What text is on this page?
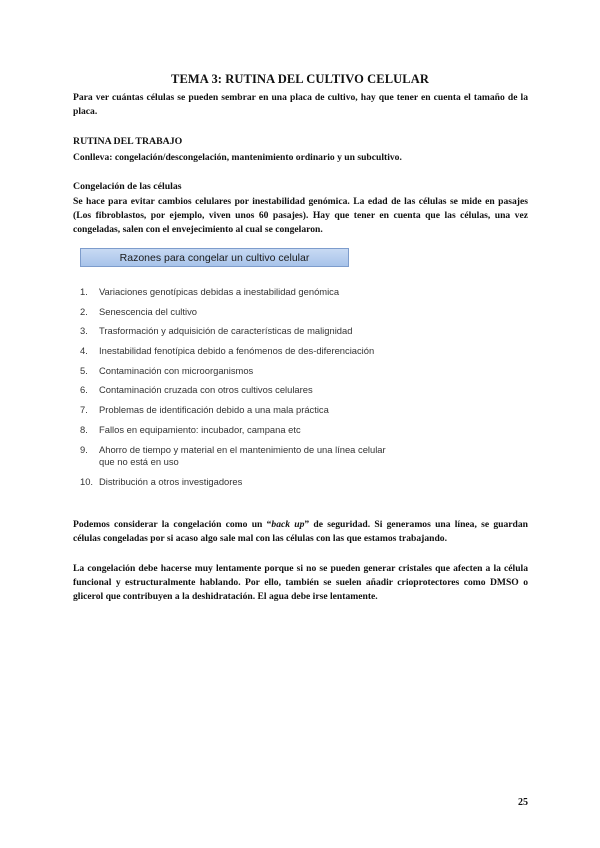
TEMA 3: RUTINA DEL CULTIVO CELULAR
Para ver cuántas células se pueden sembrar en una placa de cultivo, hay que tener en cuenta el tamaño de la placa.
RUTINA DEL TRABAJO
Conlleva: congelación/descongelación, mantenimiento ordinario y un subcultivo.
Congelación de las células
Se hace para evitar cambios celulares por inestabilidad genómica. La edad de las células se mide en pasajes (Los fibroblastos, por ejemplo, viven unos 60 pasajes). Hay que tener en cuenta que las células, una vez congeladas, salen con el envejecimiento al cual se congelaron.
Razones para congelar un cultivo celular
1. Variaciones genotípicas debidas a inestabilidad genómica
2. Senescencia del cultivo
3. Trasformación y adquisición de características de malignidad
4. Inestabilidad fenotípica debido a fenómenos de des-diferenciación
5. Contaminación con microorganismos
6. Contaminación cruzada con otros cultivos celulares
7. Problemas de identificación debido a una mala práctica
8. Fallos en equipamiento: incubador, campana etc
9. Ahorro de tiempo y material en el mantenimiento de una línea celular que no está en uso
10. Distribución a otros investigadores
Podemos considerar la congelación como un “back up” de seguridad. Si generamos una línea, se guardan células congeladas por si acaso algo sale mal con las células con las que estamos trabajando.
La congelación debe hacerse muy lentamente porque si no se pueden generar cristales que afecten a la célula funcional y estructuralmente hablando. Por ello, también se suelen añadir crioprotectores como DMSO o glicerol que contribuyen a la deshidratación. El agua debe irse lentamente.
25
